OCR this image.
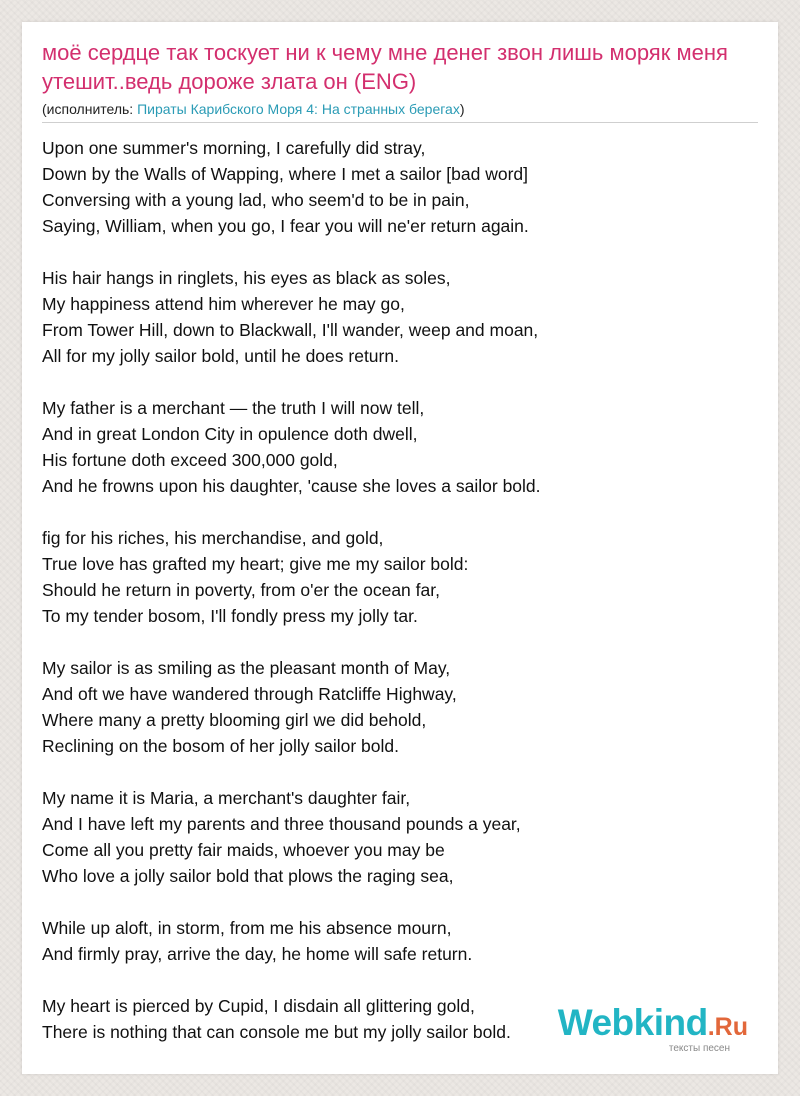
моё сердце так тоскует ни к чему мне денег звон лишь моряк меня утешит..ведь дороже злата он (ENG)
(исполнитель: Пираты Карибского Моря 4: На странных берегах)
Upon one summer's morning, I carefully did stray,
Down by the Walls of Wapping, where I met a sailor [bad word]
Conversing with a young lad, who seem'd to be in pain,
Saying, William, when you go, I fear you will ne'er return again.
His hair hangs in ringlets, his eyes as black as soles,
My happiness attend him wherever he may go,
From Tower Hill, down to Blackwall, I'll wander, weep and moan,
All for my jolly sailor bold, until he does return.
My father is a merchant — the truth I will now tell,
And in great London City in opulence doth dwell,
His fortune doth exceed 300,000 gold,
And he frowns upon his daughter, 'cause she loves a sailor bold.
fig for his riches, his merchandise, and gold,
True love has grafted my heart; give me my sailor bold:
Should he return in poverty, from o'er the ocean far,
To my tender bosom, I'll fondly press my jolly tar.
My sailor is as smiling as the pleasant month of May,
And oft we have wandered through Ratcliffe Highway,
Where many a pretty blooming girl we did behold,
Reclining on the bosom of her jolly sailor bold.
My name it is Maria, a merchant's daughter fair,
And I have left my parents and three thousand pounds a year,
Come all you pretty fair maids, whoever you may be
Who love a jolly sailor bold that plows the raging sea,
While up aloft, in storm, from me his absence mourn,
And firmly pray, arrive the day, he home will safe return.
My heart is pierced by Cupid, I disdain all glittering gold,
There is nothing that can console me but my jolly sailor bold.	Webkind.Ru
тексты песен
